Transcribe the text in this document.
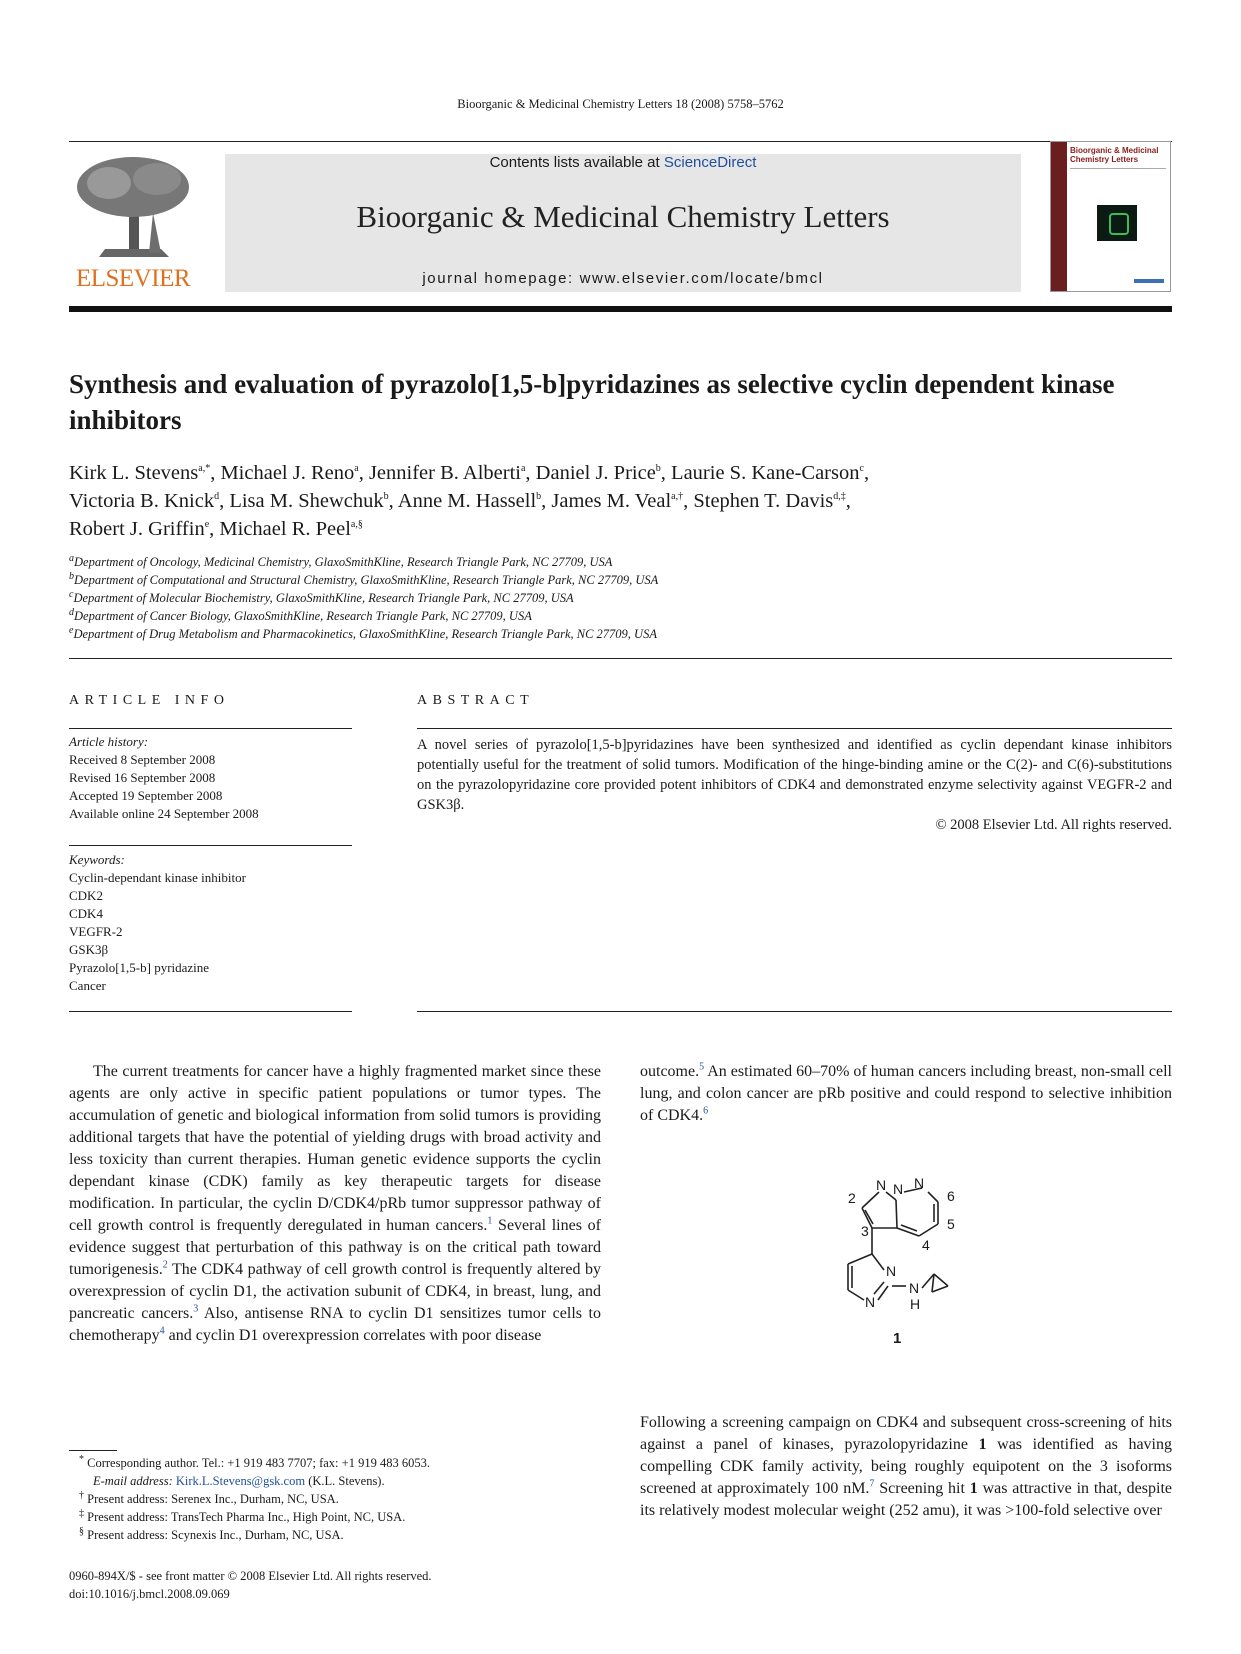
Bioorganic & Medicinal Chemistry Letters 18 (2008) 5758–5762
ELSEVIER
Contents lists available at ScienceDirect
Bioorganic & Medicinal Chemistry Letters
journal homepage: www.elsevier.com/locate/bmcl
Bioorganic & Medicinal Chemistry Letters
Synthesis and evaluation of pyrazolo[1,5-b]pyridazines as selective cyclin dependent kinase inhibitors
Kirk L. Stevens$^{a,*}$, Michael J. Reno$^a$, Jennifer B. Alberti$^a$, Daniel J. Price$^b$, Laurie S. Kane-Carson$^c$,
Victoria B. Knick$^d$, Lisa M. Shewchuk$^b$, Anne M. Hassell$^b$, James M. Veal$^{a,\dagger}$, Stephen T. Davis$^{d,\ddagger}$,
Robert J. Griffin$^e$, Michael R. Peel$^{a,\S}$
$^a$Department of Oncology, Medicinal Chemistry, GlaxoSmithKline, Research Triangle Park, NC 27709, USA
$^b$Department of Computational and Structural Chemistry, GlaxoSmithKline, Research Triangle Park, NC 27709, USA
$^c$Department of Molecular Biochemistry, GlaxoSmithKline, Research Triangle Park, NC 27709, USA
$^d$Department of Cancer Biology, GlaxoSmithKline, Research Triangle Park, NC 27709, USA
$^e$Department of Drug Metabolism and Pharmacokinetics, GlaxoSmithKline, Research Triangle Park, NC 27709, USA
ARTICLE INFO	ABSTRACT
Article history:
Received 8 September 2008
Revised 16 September 2008
Accepted 19 September 2008
Available online 24 September 2008
Keywords:
Cyclin-dependant kinase inhibitor
CDK2
CDK4
VEGFR-2
GSK3β
Pyrazolo[1,5-b] pyridazine
Cancer

A novel series of pyrazolo[1,5-b]pyridazines have been synthesized and identified as cyclin dependant kinase inhibitors potentially useful for the treatment of solid tumors. Modification of the hinge-binding amine or the C(2)- and C(6)-substitutions on the pyrazolopyridazine core provided potent inhibitors of CDK4 and demonstrated enzyme selectivity against VEGFR-2 and GSK3β.

© 2008 Elsevier Ltd. All rights reserved.

The current treatments for cancer have a highly fragmented market since these agents are only active in specific patient populations or tumor types. The accumulation of genetic and biological information from solid tumors is providing additional targets that have the potential of yielding drugs with broad activity and less toxicity than current therapies. Human genetic evidence supports the cyclin dependant kinase (CDK) family as key therapeutic targets for disease modification. In particular, the cyclin D/CDK4/pRb tumor suppressor pathway of cell growth control is frequently deregulated in human cancers.$^1$ Several lines of evidence suggest that perturbation of this pathway is on the critical path toward tumorigenesis.$^2$ The CDK4 pathway of cell growth control is frequently altered by overexpression of cyclin D1, the activation subunit of CDK4, in breast, lung, and pancreatic cancers.$^3$ Also, antisense RNA to cyclin D1 sensitizes tumor cells to chemotherapy$^4$ and cyclin D1 overexpression correlates with poor disease

outcome.$^5$ An estimated 60–70% of human cancers including breast, non-small cell lung, and colon cancer are pRb positive and could respond to selective inhibition of CDK4.$^6$

N N N
N
N
N
H
2
3
4
5
6
1

Following a screening campaign on CDK4 and subsequent cross-screening of hits against a panel of kinases, pyrazolopyridazine 1 was identified as having compelling CDK family activity, being roughly equipotent on the 3 isoforms screened at approximately 100 nM.$^7$ Screening hit 1 was attractive in that, despite its relatively modest molecular weight (252 amu), it was >100-fold selective over

* Corresponding author. Tel.: +1 919 483 7707; fax: +1 919 483 6053.
E-mail address: Kirk.L.Stevens@gsk.com (K.L. Stevens).
† Present address: Serenex Inc., Durham, NC, USA.
‡ Present address: TransTech Pharma Inc., High Point, NC, USA.
§ Present address: Scynexis Inc., Durham, NC, USA.
0960-894X/$ - see front matter © 2008 Elsevier Ltd. All rights reserved.
doi:10.1016/j.bmcl.2008.09.069
